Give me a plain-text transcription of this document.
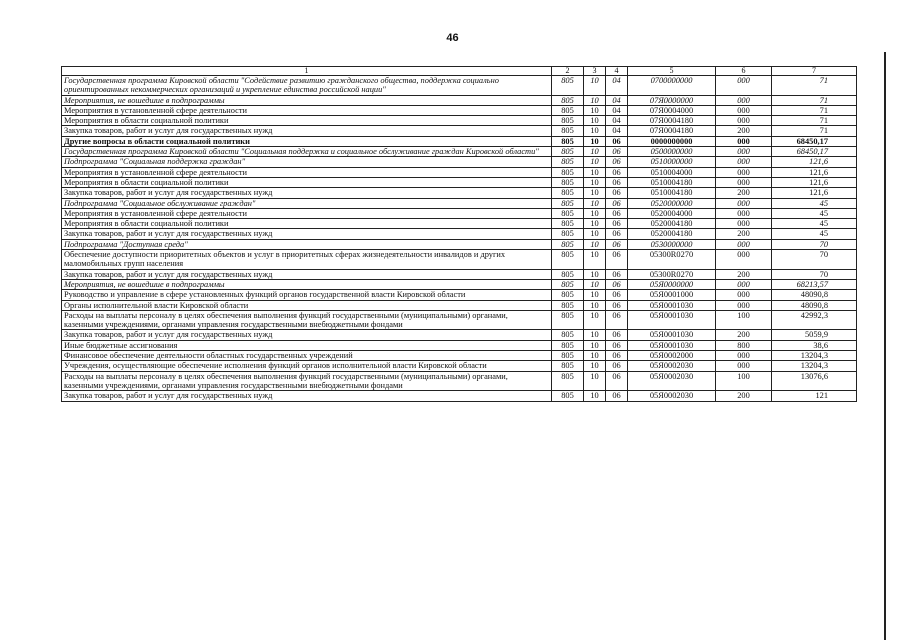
46
1	2	3	4	5	6	7
Государственная программа Кировской области "Содействие развитию гражданского общества, поддержка социально ориентированных некоммерческих организаций и укрепление единства российской нации"	805	10	04	0700000000	000	71
Мероприятия, не вошедшие в подпрограммы	805	10	04	07Я0000000	000	71
Мероприятия в установленной сфере деятельности	805	10	04	07Я0004000	000	71
Мероприятия в области социальной политики	805	10	04	07Я0004180	000	71
Закупка товаров, работ и услуг для государственных нужд	805	10	04	07Я0004180	200	71
Другие вопросы в области социальной политики	805	10	06	0000000000	000	68450,17
Государственная программа Кировской области "Социальная поддержка и социальное обслуживание граждан Кировской области"	805	10	06	0500000000	000	68450,17
Подпрограмма "Социальная поддержка граждан"	805	10	06	0510000000	000	121,6
Мероприятия в установленной сфере деятельности	805	10	06	0510004000	000	121,6
Мероприятия в области социальной политики	805	10	06	0510004180	000	121,6
Закупка товаров, работ и услуг для государственных нужд	805	10	06	0510004180	200	121,6
Подпрограмма "Социальное обслуживание граждан"	805	10	06	0520000000	000	45
Мероприятия в установленной сфере деятельности	805	10	06	0520004000	000	45
Мероприятия в области социальной политики	805	10	06	0520004180	000	45
Закупка товаров, работ и услуг для государственных нужд	805	10	06	0520004180	200	45
Подпрограмма "Доступная среда"	805	10	06	0530000000	000	70
Обеспечение доступности приоритетных объектов и услуг в приоритетных сферах жизнедеятельности инвалидов и других маломобильных групп населения	805	10	06	05300R0270	000	70
Закупка товаров, работ и услуг для государственных нужд	805	10	06	05300R0270	200	70
Мероприятия, не вошедшие в подпрограммы	805	10	06	05Я0000000	000	68213,57
Руководство и управление в сфере установленных функций органов государственной власти Кировской области	805	10	06	05Я0001000	000	48090,8
Органы исполнительной власти Кировской области	805	10	06	05Я0001030	000	48090,8
Расходы на выплаты персоналу в целях обеспечения выполнения функций государственными (муниципальными) органами, казенными учреждениями, органами управления государственными внебюджетными фондами	805	10	06	05Я0001030	100	42992,3
Закупка товаров, работ и услуг для государственных нужд	805	10	06	05Я0001030	200	5059,9
Иные бюджетные ассигнования	805	10	06	05Я0001030	800	38,6
Финансовое обеспечение деятельности областных государственных учреждений	805	10	06	05Я0002000	000	13204,3
Учреждения, осуществляющие обеспечение исполнения функций органов исполнительной власти Кировской области	805	10	06	05Я0002030	000	13204,3
Расходы на выплаты персоналу в целях обеспечения выполнения функций государственными (муниципальными) органами, казенными учреждениями, органами управления государственными внебюджетными фондами	805	10	06	05Я0002030	100	13076,6
Закупка товаров, работ и услуг для государственных нужд	805	10	06	05Я0002030	200	121
